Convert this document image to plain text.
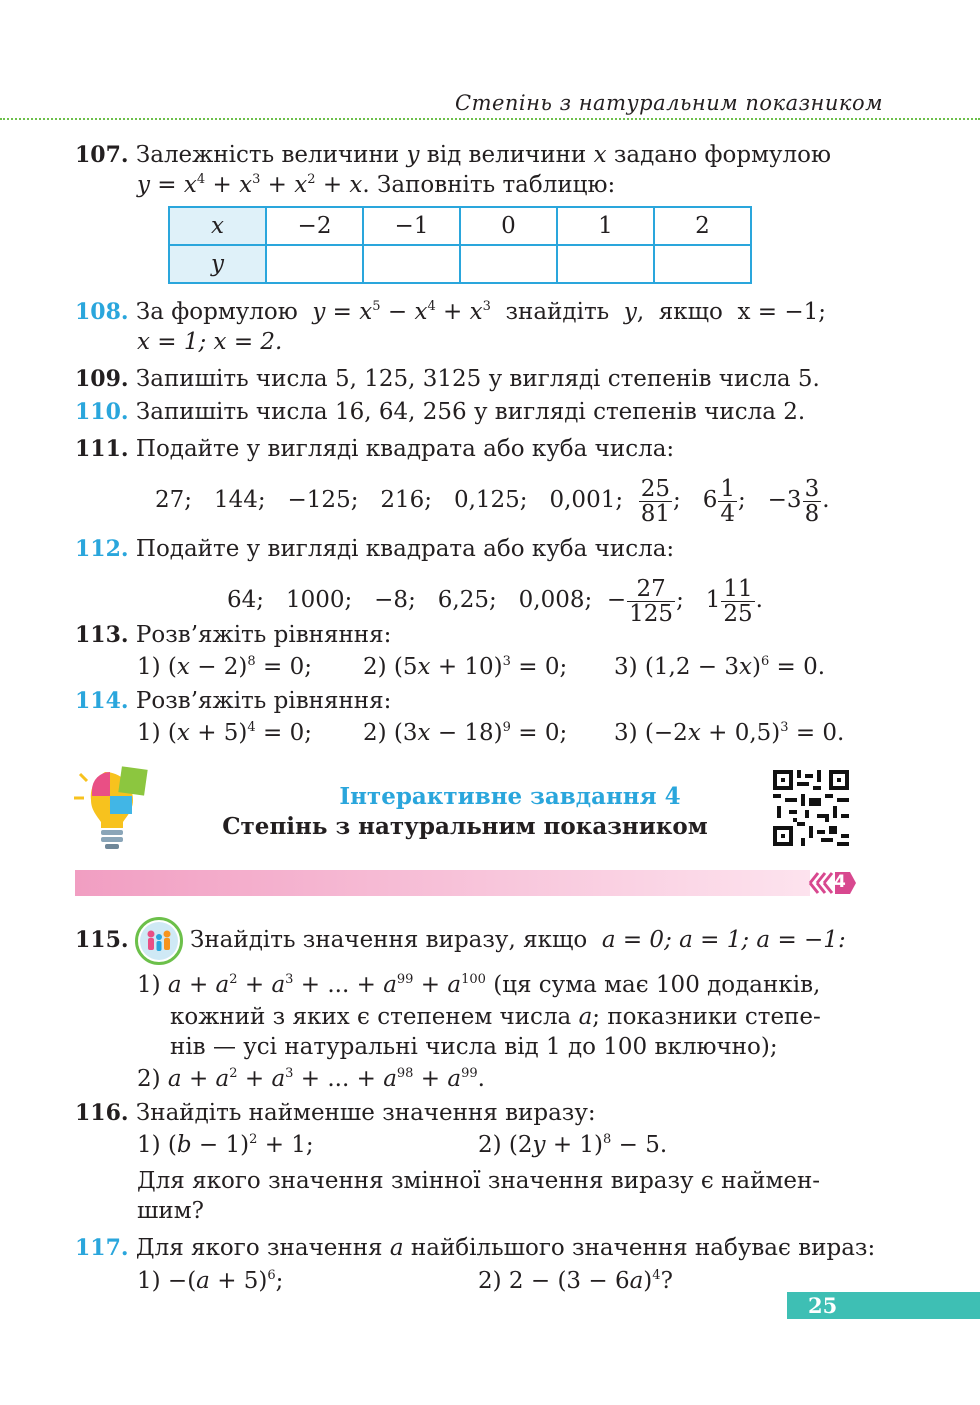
Степінь з натуральним показником
107. Залежність величини y від величини x задано формулою
$y = x^4 + x^3 + x^2 + x$. Заповніть таблицю:
x	−2	−1	0	1	2
y					
108. За формулою $y = x^5 - x^4 + x^3$ знайдіть y,  якщо x = −1;
x = 1; x = 2.
109. Запишіть числа 5, 125, 3125 у вигляді степенів числа 5.
110. Запишіть числа 16, 64, 256 у вигляді степенів числа 2.
111. Подайте у вигляді квадрата або куба числа:
27;   144;   −125;   216;   0,125;   0,001; $\frac{25}{81}$ ;   $6 \frac{1}{4}$ ;   $-3 \frac{3}{8}$ .
112. Подайте у вигляді квадрата або куба числа:
64;   1000;   −8;   6,25;   0,008;  − $\frac{27}{125}$ ;   $1 \frac{11}{25}$ .
113. Розв’яжіть рівняння:
1) $(x - 2)^8 = 0$; 2) $(5x + 10)^3 = 0$; 3) $(1,2 - 3x)^6 = 0$.
114. Розв’яжіть рівняння:
1) $(x + 5)^4 = 0$; 2) $(3x - 18)^9 = 0$; 3) $(-2x + 0,5)^3 = 0$.
Інтерактивне завдання 4
Степінь з натуральним показником
4
115.	Знайдіть значення виразу, якщо a = 0; a = 1; a = −1:
1) $a + a^2 + a^3$ + ... + $a^{99} + a^{100}$ (ця сума має 100 доданків,
кожний з яких є степенем числа a; показники степе-
нів — усі натуральні числа від 1 до 100 включно);
2) $a + a^2 + a^3$ + ... + $a^{98} + a^{99}$.
116. Знайдіть найменше значення виразу:
1) $(b - 1)^2 + 1$;	2) $(2y + 1)^8 - 5$.
Для якого значення змінної значення виразу є наймен-
шим?
117. Для якого значення a найбільшого значення набуває вираз:
$1) -(a + 5)^6$;	2) $2 - (3 - 6a)^4$?
25
